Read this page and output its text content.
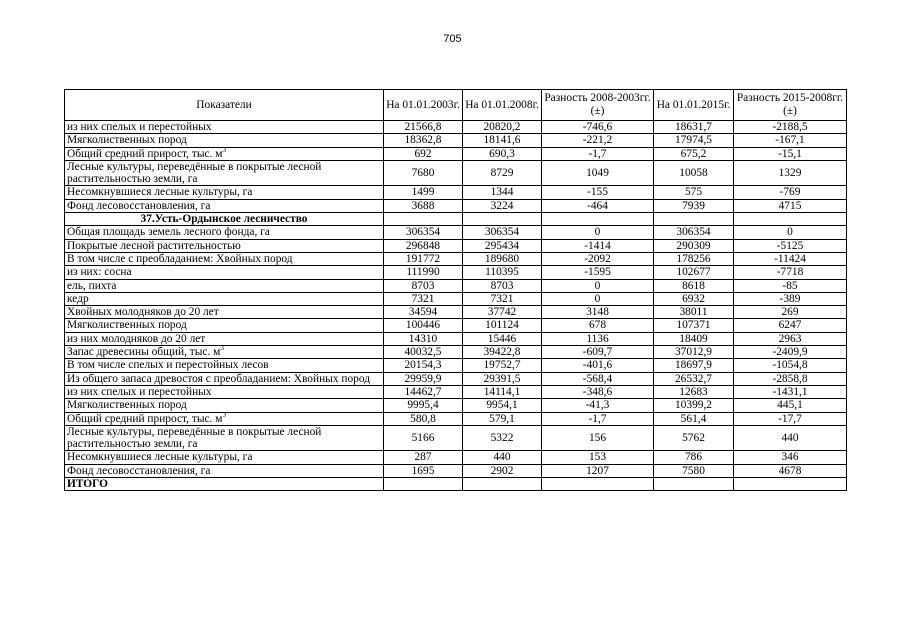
705
Показатели	На 01.01.2003г.	На 01.01.2008г.	Разность 2008-2003гг. (±)	На 01.01.2015г.	Разность 2015-2008гг. (±)
из них спелых и перестойных	21566,8	20820,2	-746,6	18631,7	-2188,5
Мягколиственных пород	18362,8	18141,6	-221,2	17974,5	-167,1
Общий средний прирост, тыс. $м^3$	692	690,3	-1,7	675,2	-15,1
Лесные культуры, переведённые в покрытые лесной растительностью земли, га	7680	8729	1049	10058	1329
Несомкнувшиеся лесные культуры, га	1499	1344	-155	575	-769
Фонд лесовосстановления, га	3688	3224	-464	7939	4715
37.Усть-Ордынское лесничество					
Общая площадь земель лесного фонда, га	306354	306354	0	306354	0
Покрытые лесной растительностью	296848	295434	-1414	290309	-5125
В том числе с преобладанием: Хвойных пород	191772	189680	-2092	178256	-11424
из них: сосна	111990	110395	-1595	102677	-7718
ель, пихта	8703	8703	0	8618	-85
кедр	7321	7321	0	6932	-389
Хвойных молодняков до 20 лет	34594	37742	3148	38011	269
Мягколиственных пород	100446	101124	678	107371	6247
из них молодняков до 20 лет	14310	15446	1136	18409	2963
Запас древесины общий, тыс. $м^3$	40032,5	39422,8	-609,7	37012,9	-2409,9
В том числе спелых и перестойных лесов	20154,3	19752,7	-401,6	18697,9	-1054,8
Из общего запаса древостоя с преобладанием: Хвойных пород	29959,9	29391,5	-568,4	26532,7	-2858,8
из них спелых и перестойных	14462,7	14114,1	-348,6	12683	-1431,1
Мягколиственных пород	9995,4	9954,1	-41,3	10399,2	445,1
Общий средний прирост, тыс. $м^3$	580,8	579,1	-1,7	561,4	-17,7
Лесные культуры, переведённые в покрытые лесной растительностью земли, га	5166	5322	156	5762	440
Несомкнувшиеся лесные культуры, га	287	440	153	786	346
Фонд лесовосстановления, га	1695	2902	1207	7580	4678
ИТОГО					
